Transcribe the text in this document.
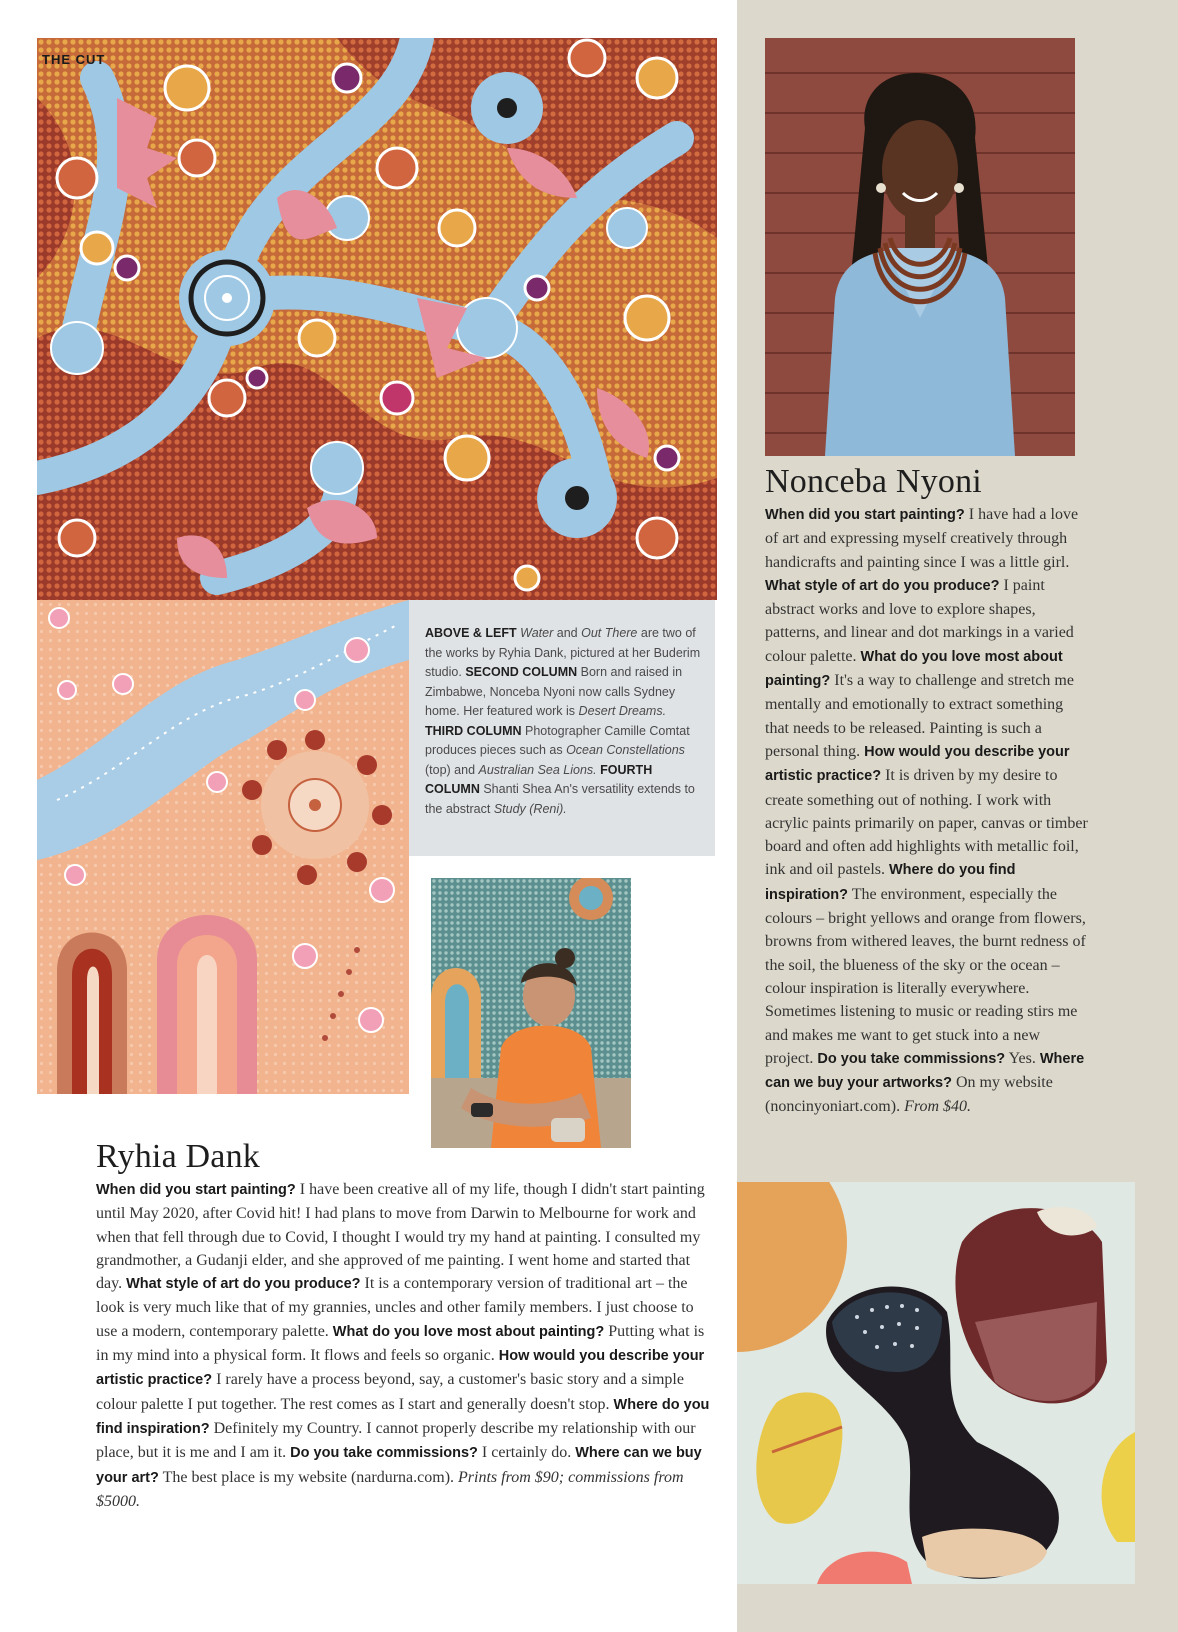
THE CUT
ABOVE & LEFT Water and Out There are two of the works by Ryhia Dank, pictured at her Buderim studio. SECOND COLUMN Born and raised in Zimbabwe, Nonceba Nyoni now calls Sydney home. Her featured work is Desert Dreams. THIRD COLUMN Photographer Camille Comtat produces pieces such as Ocean Constellations (top) and Australian Sea Lions. FOURTH COLUMN Shanti Shea An's versatility extends to the abstract Study (Reni).
Ryhia Dank
When did you start painting? I have been creative all of my life, though I didn't start painting until May 2020, after Covid hit! I had plans to move from Darwin to Melbourne for work and when that fell through due to Covid, I thought I would try my hand at painting. I consulted my grandmother, a Gudanji elder, and she approved of me painting. I went home and started that day. What style of art do you produce? It is a contemporary version of traditional art – the look is very much like that of my grannies, uncles and other family members. I just choose to use a modern, contemporary palette. What do you love most about painting? Putting what is in my mind into a physical form. It flows and feels so organic. How would you describe your artistic practice? I rarely have a process beyond, say, a customer's basic story and a simple colour palette I put together. The rest comes as I start and generally doesn't stop. Where do you find inspiration? Definitely my Country. I cannot properly describe my relationship with our place, but it is me and I am it. Do you take commissions? I certainly do. Where can we buy your art? The best place is my website (nardurna.com). Prints from $90; commissions from $5000.
Nonceba Nyoni
When did you start painting? I have had a love of art and expressing myself creatively through handicrafts and painting since I was a little girl. What style of art do you produce? I paint abstract works and love to explore shapes, patterns, and linear and dot markings in a varied colour palette. What do you love most about painting? It's a way to challenge and stretch me mentally and emotionally to extract something that needs to be released. Painting is such a personal thing. How would you describe your artistic practice? It is driven by my desire to create something out of nothing. I work with acrylic paints primarily on paper, canvas or timber board and often add highlights with metallic foil, ink and oil pastels. Where do you find inspiration? The environment, especially the colours – bright yellows and orange from flowers, browns from withered leaves, the burnt redness of the soil, the blueness of the sky or the ocean – colour inspiration is literally everywhere. Sometimes listening to music or reading stirs me and makes me want to get stuck into a new project. Do you take commissions? Yes. Where can we buy your artworks? On my website (noncinyoniart.com). From $40.
